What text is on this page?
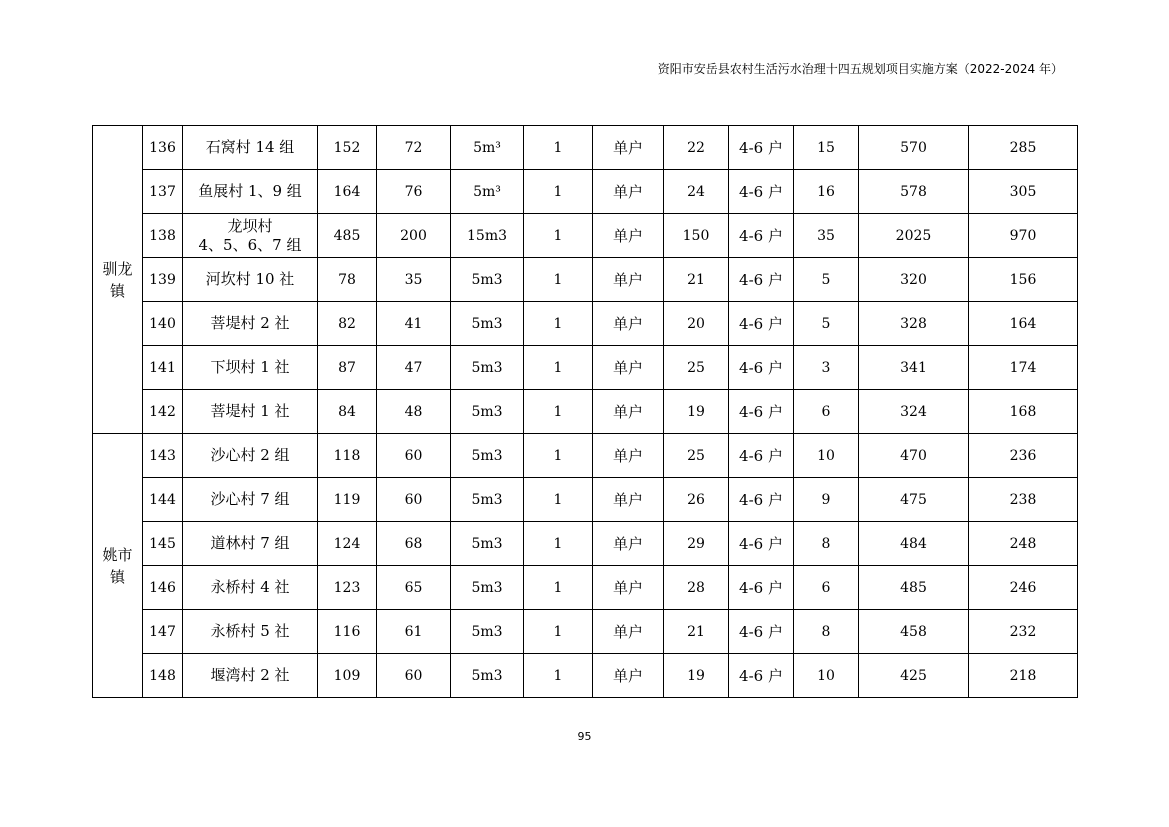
资阳市安岳县农村生活污水治理十四五规划项目实施方案（2022-2024 年）
驯龙
镇	136	石窝村 14 组	152	72	5m³	1	单户	22	4-6 户	15	570	285
	137	鱼展村 1、9 组	164	76	5m³	1	单户	24	4-6 户	16	578	305
	138	龙坝村
4、5、6、7 组	485	200	15m3	1	单户	150	4-6 户	35	2025	970
	139	河坎村 10 社	78	35	5m3	1	单户	21	4-6 户	5	320	156
	140	菩堤村 2 社	82	41	5m3	1	单户	20	4-6 户	5	328	164
	141	下坝村 1 社	87	47	5m3	1	单户	25	4-6 户	3	341	174
	142	菩堤村 1 社	84	48	5m3	1	单户	19	4-6 户	6	324	168

姚市
镇	143	沙心村 2 组	118	60	5m3	1	单户	25	4-6 户	10	470	236
	144	沙心村 7 组	119	60	5m3	1	单户	26	4-6 户	9	475	238
	145	道林村 7 组	124	68	5m3	1	单户	29	4-6 户	8	484	248
	146	永桥村 4 社	123	65	5m3	1	单户	28	4-6 户	6	485	246
	147	永桥村 5 社	116	61	5m3	1	单户	21	4-6 户	8	458	232
	148	堰湾村 2 社	109	60	5m3	1	单户	19	4-6 户	10	425	218
95
